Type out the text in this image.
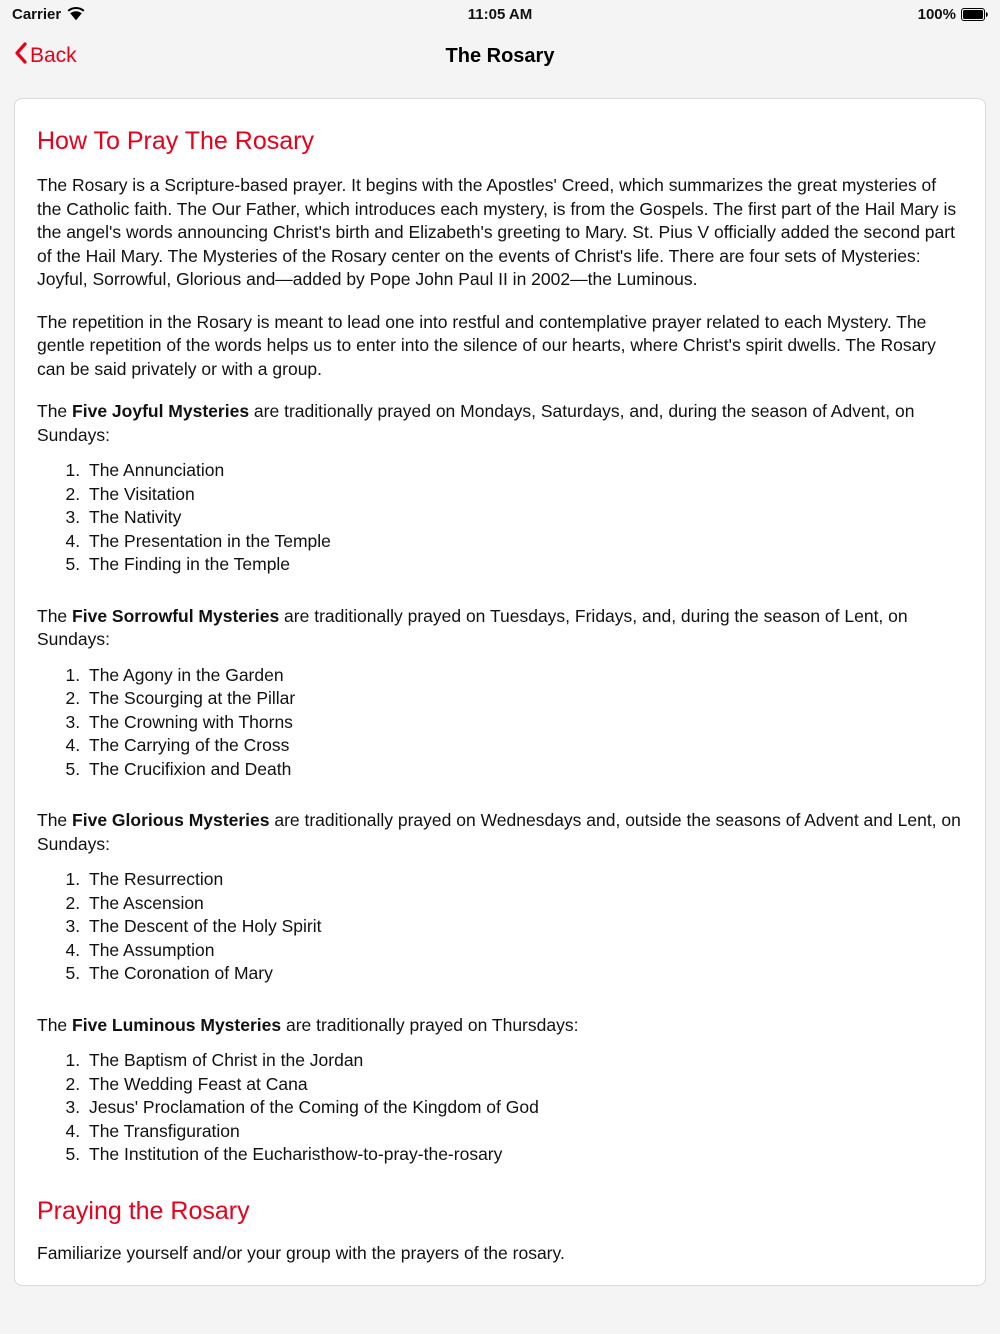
Carrier	11:05 AM	100%
Back	The Rosary
How To Pray The Rosary

The Rosary is a Scripture-based prayer. It begins with the Apostles' Creed, which summarizes the great mysteries of the Catholic faith. The Our Father, which introduces each mystery, is from the Gospels. The first part of the Hail Mary is the angel's words announcing Christ's birth and Elizabeth's greeting to Mary. St. Pius V officially added the second part of the Hail Mary. The Mysteries of the Rosary center on the events of Christ's life. There are four sets of Mysteries: Joyful, Sorrowful, Glorious and—added by Pope John Paul II in 2002—the Luminous.

The repetition in the Rosary is meant to lead one into restful and contemplative prayer related to each Mystery. The gentle repetition of the words helps us to enter into the silence of our hearts, where Christ's spirit dwells. The Rosary can be said privately or with a group.

The Five Joyful Mysteries are traditionally prayed on Mondays, Saturdays, and, during the season of Advent, on Sundays:

1. The Annunciation
2. The Visitation
3. The Nativity
4. The Presentation in the Temple
5. The Finding in the Temple

The Five Sorrowful Mysteries are traditionally prayed on Tuesdays, Fridays, and, during the season of Lent, on Sundays:

1. The Agony in the Garden
2. The Scourging at the Pillar
3. The Crowning with Thorns
4. The Carrying of the Cross
5. The Crucifixion and Death

The Five Glorious Mysteries are traditionally prayed on Wednesdays and, outside the seasons of Advent and Lent, on Sundays:

1. The Resurrection
2. The Ascension
3. The Descent of the Holy Spirit
4. The Assumption
5. The Coronation of Mary

The Five Luminous Mysteries are traditionally prayed on Thursdays:

1. The Baptism of Christ in the Jordan
2. The Wedding Feast at Cana
3. Jesus' Proclamation of the Coming of the Kingdom of God
4. The Transfiguration
5. The Institution of the Eucharisthow-to-pray-the-rosary
Praying the Rosary

Familiarize yourself and/or your group with the prayers of the rosary.
